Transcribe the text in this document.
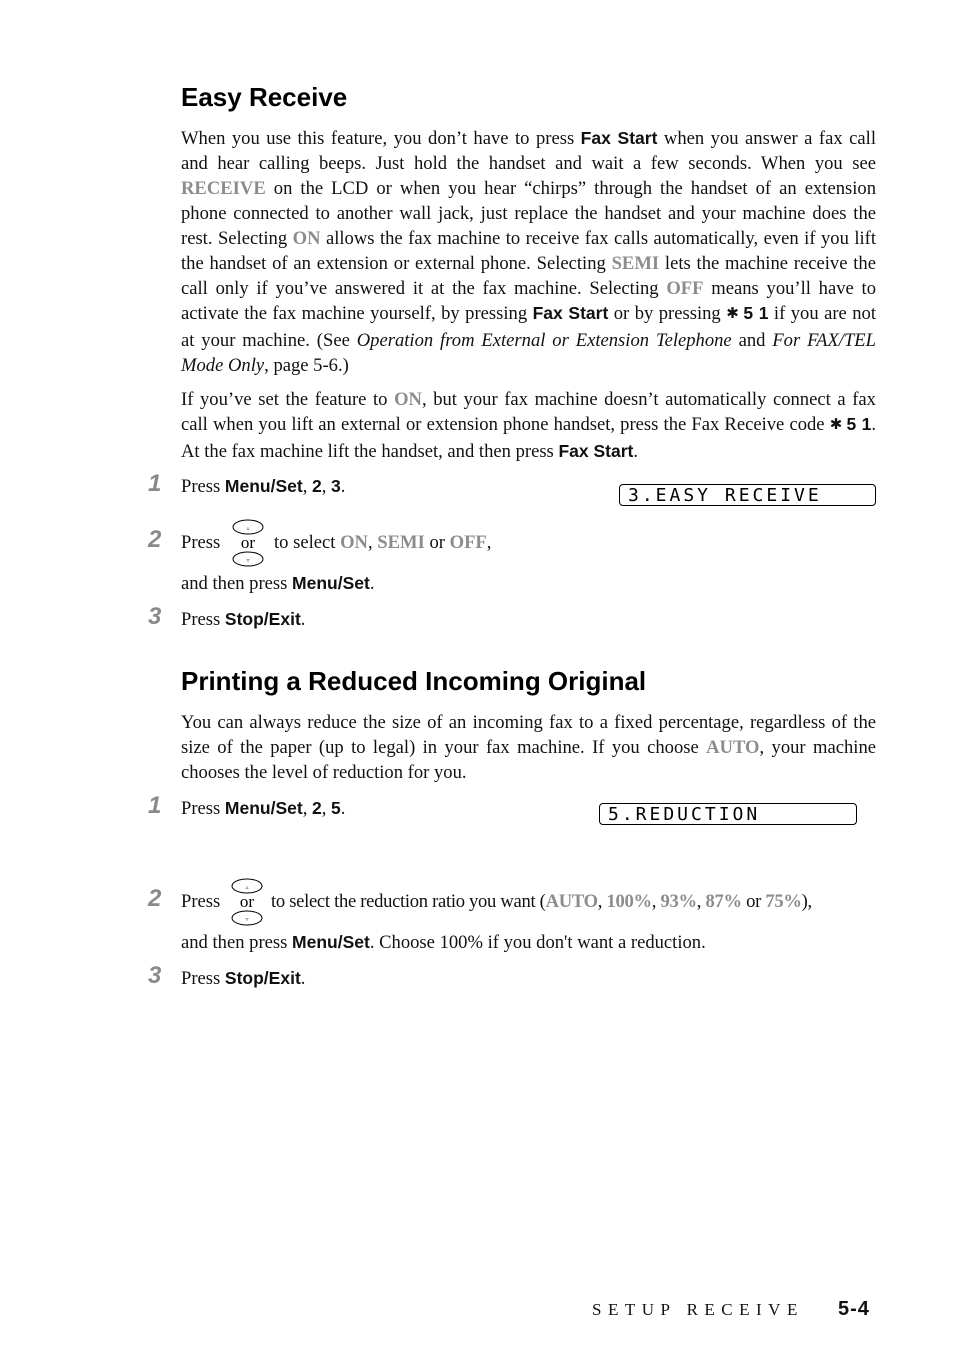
Easy Receive

When you use this feature, you don’t have to press Fax Start when you answer a fax call and hear calling beeps. Just hold the handset and wait a few seconds. When you see RECEIVE on the LCD or when you hear “chirps” through the handset of an extension phone connected to another wall jack, just replace the handset and your machine does the rest. Selecting ON allows the fax machine to receive fax calls automatically, even if you lift the handset of an extension or external phone. Selecting SEMI lets the machine receive the call only if you’ve answered it at the fax machine. Selecting OFF means you’ll have to activate the fax machine yourself, by pressing Fax Start or by pressing ✱ 5 1 if you are not at your machine. (See Operation from External or Extension Telephone and For FAX/TEL Mode Only, page 5-6.)

If you’ve set the feature to ON, but your fax machine doesn’t automatically connect a fax call when you lift an external or extension phone handset, press the Fax Receive code ✱ 5 1. At the fax machine lift the handset, and then press Fax Start.

1 Press Menu/Set, 2, 3.	3.EASY RECEIVE
2 Press
▵
▿
or to select ON, SEMI or OFF,
and then press Menu/Set.
3 Press Stop/Exit.
Printing a Reduced Incoming Original

You can always reduce the size of an incoming fax to a fixed percentage, regardless of the size of the paper (up to legal) in your fax machine. If you choose AUTO, your machine chooses the level of reduction for you.

1 Press Menu/Set, 2, 5.	5.REDUCTION
2 Press
▵
▿
or to select the reduction ratio you want (AUTO, 100%, 93%, 87% or 75%),
and then press Menu/Set. Choose 100% if you don't want a reduction.
3 Press Stop/Exit.
SETUP RECEIVE 5-4
